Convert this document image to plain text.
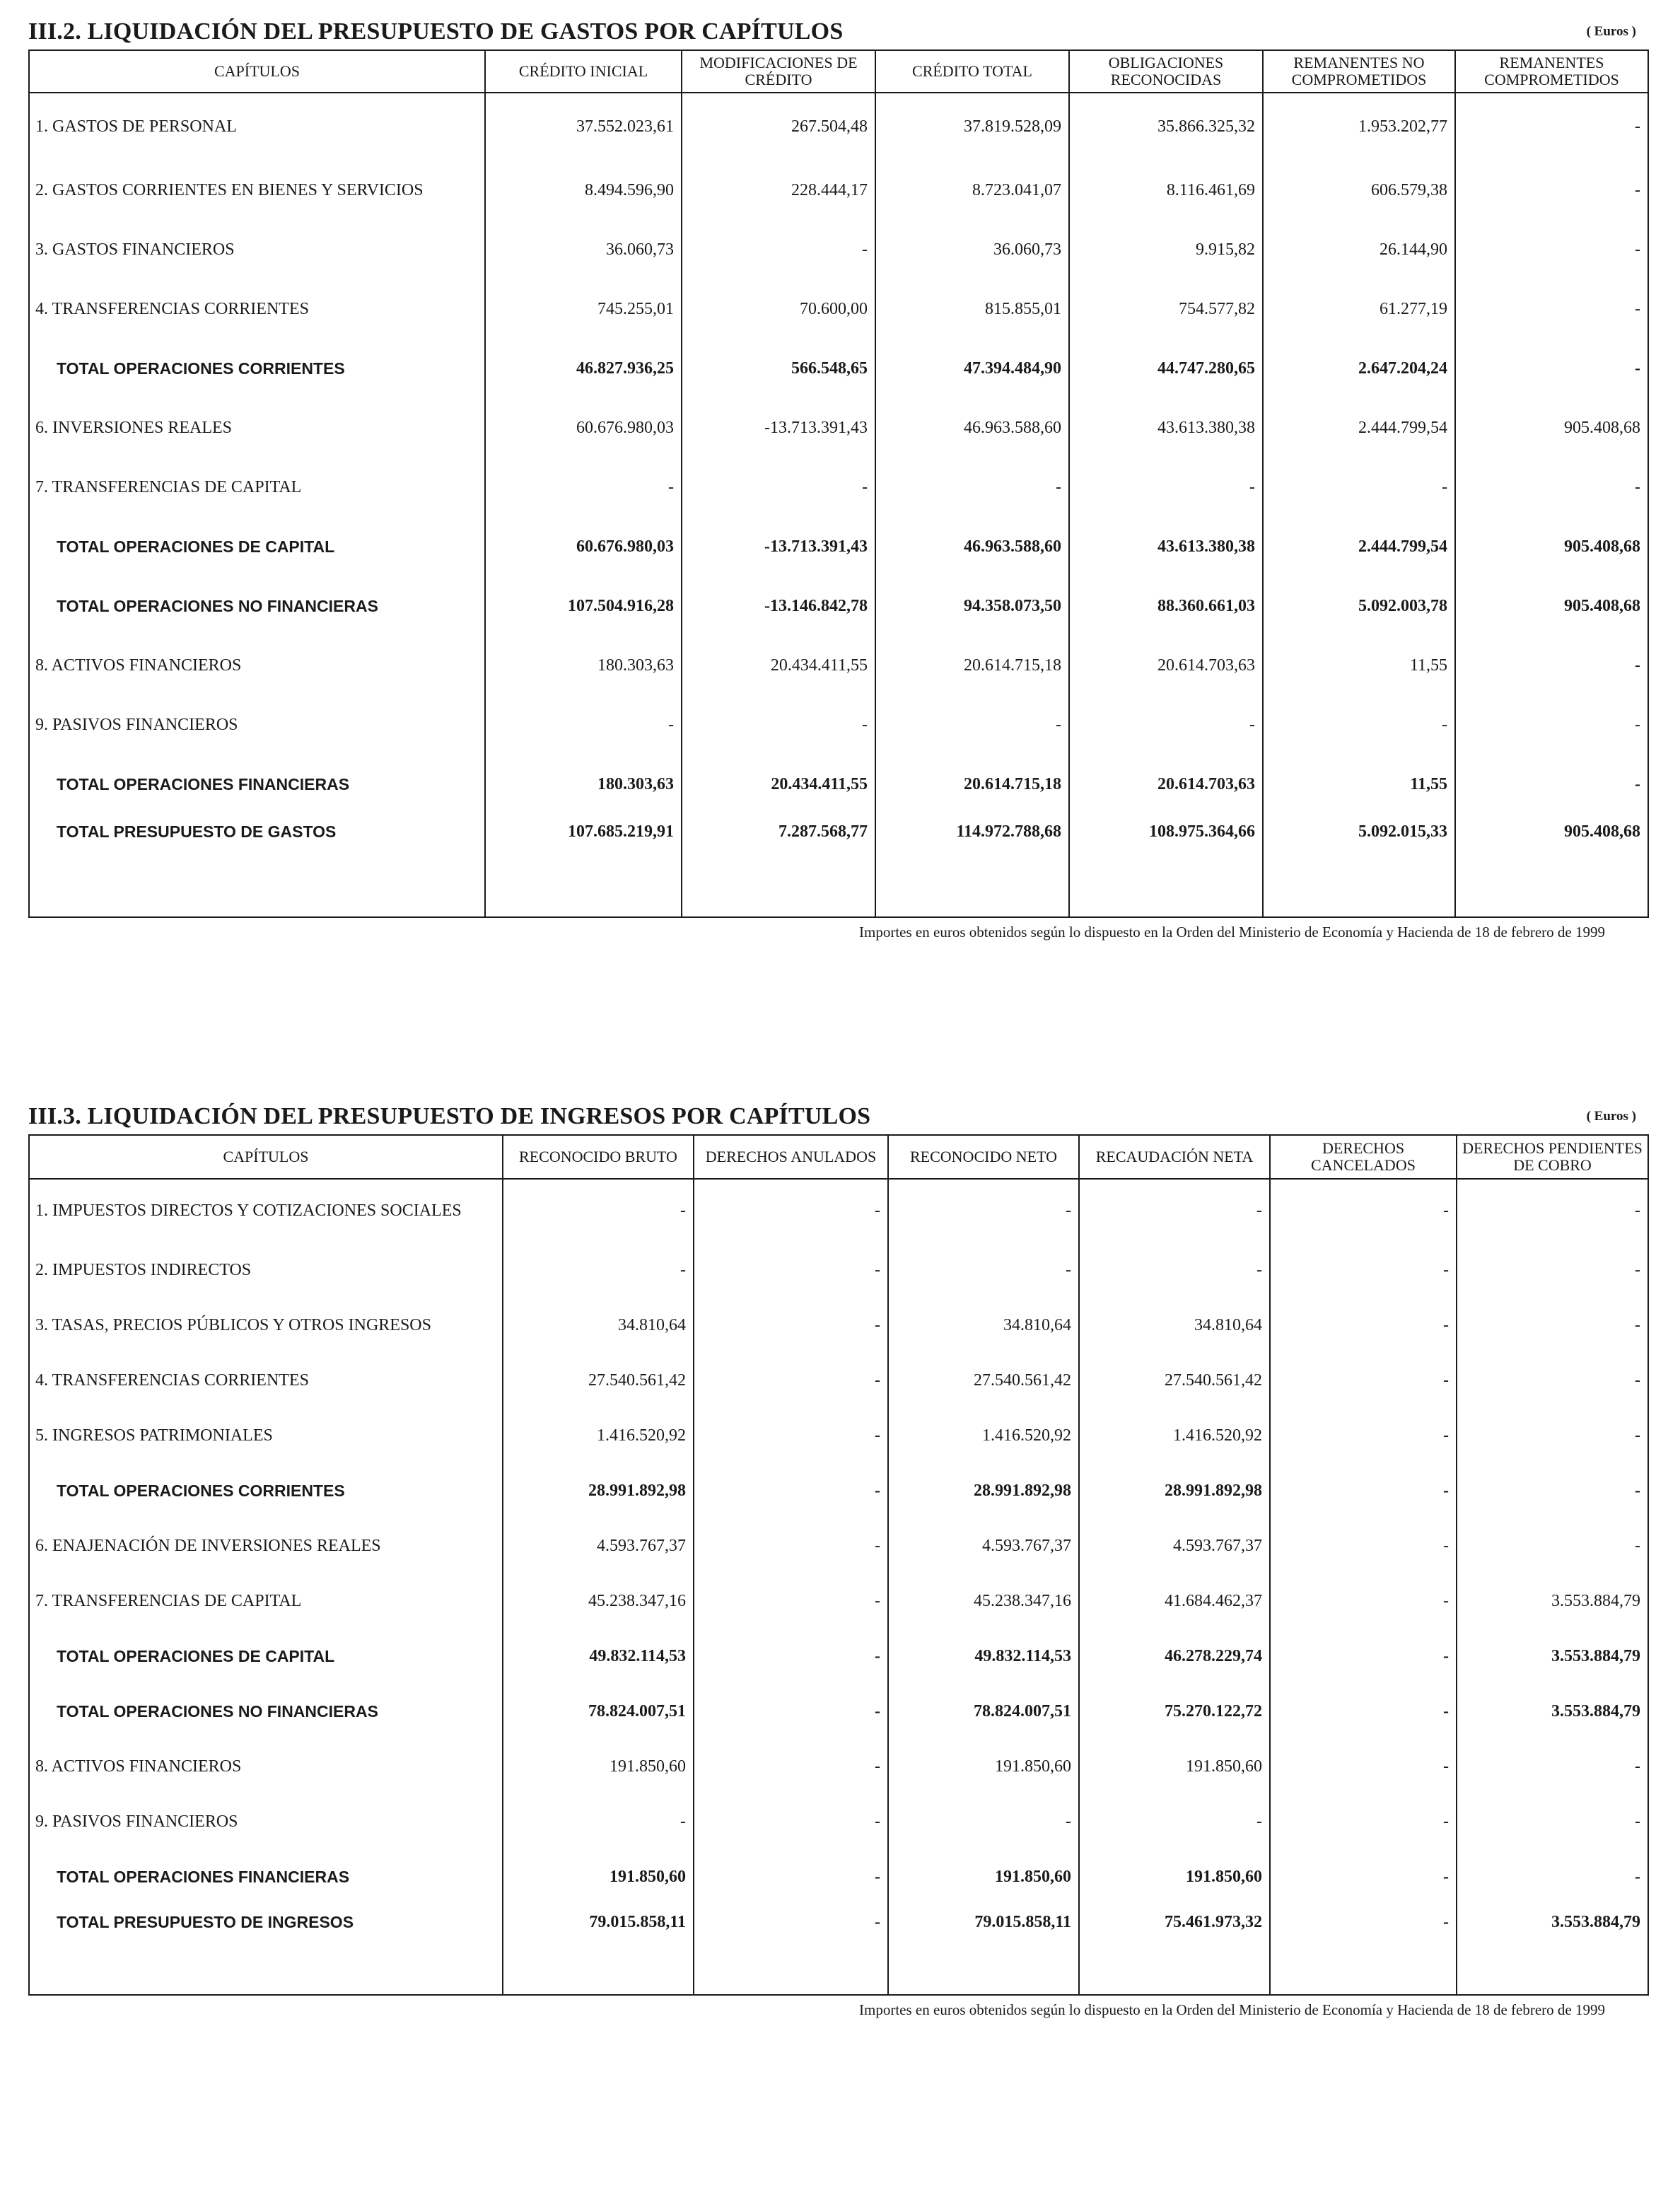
III.2. LIQUIDACIÓN DEL PRESUPUESTO DE GASTOS POR CAPÍTULOS	( Euros )
CAPÍTULOS	CRÉDITO INICIAL	MODIFICACIONES DE CRÉDITO	CRÉDITO TOTAL	OBLIGACIONES RECONOCIDAS	REMANENTES NO COMPROMETIDOS	REMANENTES COMPROMETIDOS
1. GASTOS DE PERSONAL	37.552.023,61	267.504,48	37.819.528,09	35.866.325,32	1.953.202,77	-
2. GASTOS CORRIENTES EN BIENES Y SERVICIOS	8.494.596,90	228.444,17	8.723.041,07	8.116.461,69	606.579,38	-
3. GASTOS FINANCIEROS	36.060,73	-	36.060,73	9.915,82	26.144,90	-
4. TRANSFERENCIAS CORRIENTES	745.255,01	70.600,00	815.855,01	754.577,82	61.277,19	-
TOTAL OPERACIONES CORRIENTES	46.827.936,25	566.548,65	47.394.484,90	44.747.280,65	2.647.204,24	-
6. INVERSIONES REALES	60.676.980,03	-13.713.391,43	46.963.588,60	43.613.380,38	2.444.799,54	905.408,68
7. TRANSFERENCIAS DE CAPITAL	-	-	-	-	-	-
TOTAL OPERACIONES DE CAPITAL	60.676.980,03	-13.713.391,43	46.963.588,60	43.613.380,38	2.444.799,54	905.408,68
TOTAL OPERACIONES NO FINANCIERAS	107.504.916,28	-13.146.842,78	94.358.073,50	88.360.661,03	5.092.003,78	905.408,68
8. ACTIVOS FINANCIEROS	180.303,63	20.434.411,55	20.614.715,18	20.614.703,63	11,55	-
9. PASIVOS FINANCIEROS	-	-	-	-	-	-
TOTAL OPERACIONES FINANCIERAS	180.303,63	20.434.411,55	20.614.715,18	20.614.703,63	11,55	-
TOTAL PRESUPUESTO DE GASTOS	107.685.219,91	7.287.568,77	114.972.788,68	108.975.364,66	5.092.015,33	905.408,68
Importes en euros obtenidos según lo dispuesto en la Orden del Ministerio de Economía y Hacienda de 18 de febrero de 1999
III.3. LIQUIDACIÓN DEL PRESUPUESTO DE INGRESOS POR CAPÍTULOS	( Euros )
CAPÍTULOS	RECONOCIDO BRUTO	DERECHOS ANULADOS	RECONOCIDO NETO	RECAUDACIÓN NETA	DERECHOS CANCELADOS	DERECHOS PENDIENTES DE COBRO
1. IMPUESTOS DIRECTOS Y COTIZACIONES SOCIALES	-	-	-	-	-	-
2. IMPUESTOS INDIRECTOS	-	-	-	-	-	-
3. TASAS, PRECIOS PÚBLICOS Y OTROS INGRESOS	34.810,64	-	34.810,64	34.810,64	-	-
4. TRANSFERENCIAS CORRIENTES	27.540.561,42	-	27.540.561,42	27.540.561,42	-	-
5. INGRESOS PATRIMONIALES	1.416.520,92	-	1.416.520,92	1.416.520,92	-	-
TOTAL OPERACIONES CORRIENTES	28.991.892,98	-	28.991.892,98	28.991.892,98	-	-
6. ENAJENACIÓN DE INVERSIONES REALES	4.593.767,37	-	4.593.767,37	4.593.767,37	-	-
7. TRANSFERENCIAS DE CAPITAL	45.238.347,16	-	45.238.347,16	41.684.462,37	-	3.553.884,79
TOTAL OPERACIONES DE CAPITAL	49.832.114,53	-	49.832.114,53	46.278.229,74	-	3.553.884,79
TOTAL OPERACIONES NO FINANCIERAS	78.824.007,51	-	78.824.007,51	75.270.122,72	-	3.553.884,79
8. ACTIVOS FINANCIEROS	191.850,60	-	191.850,60	191.850,60	-	-
9. PASIVOS FINANCIEROS	-	-	-	-	-	-
TOTAL OPERACIONES FINANCIERAS	191.850,60	-	191.850,60	191.850,60	-	-
TOTAL PRESUPUESTO DE INGRESOS	79.015.858,11	-	79.015.858,11	75.461.973,32	-	3.553.884,79
Importes en euros obtenidos según lo dispuesto en la Orden del Ministerio de Economía y Hacienda de 18 de febrero de 1999
